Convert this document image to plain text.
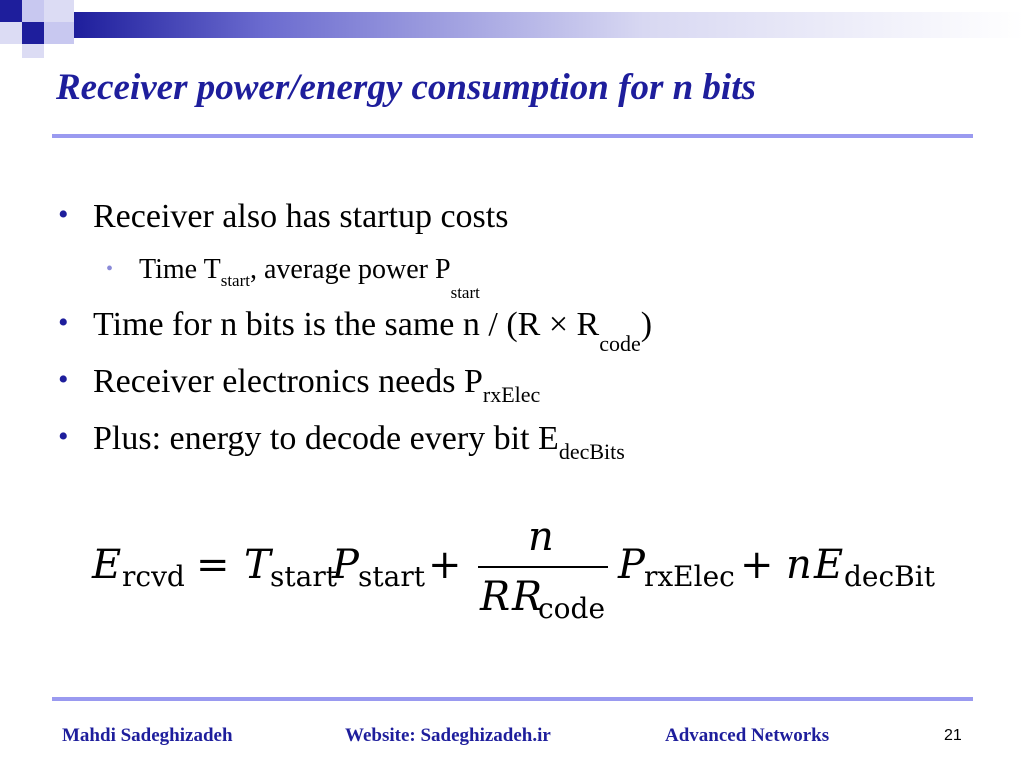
Receiver power/energy consumption for n bits
• Receiver also has startup costs
• Time $T_{start}$, average power $P_{start}$
• Time for n bits is the same $n / (R \times R_{code})$
• Receiver electronics needs $P_{rxElec}$
• Plus: energy to decode every bit $E_{decBits}$
E rcvd = T start
P start +
n
R R
code
P rxElec + n E decBit
Mahdi Sadeghizadeh	Website: Sadeghizadeh.ir	Advanced Networks	21
